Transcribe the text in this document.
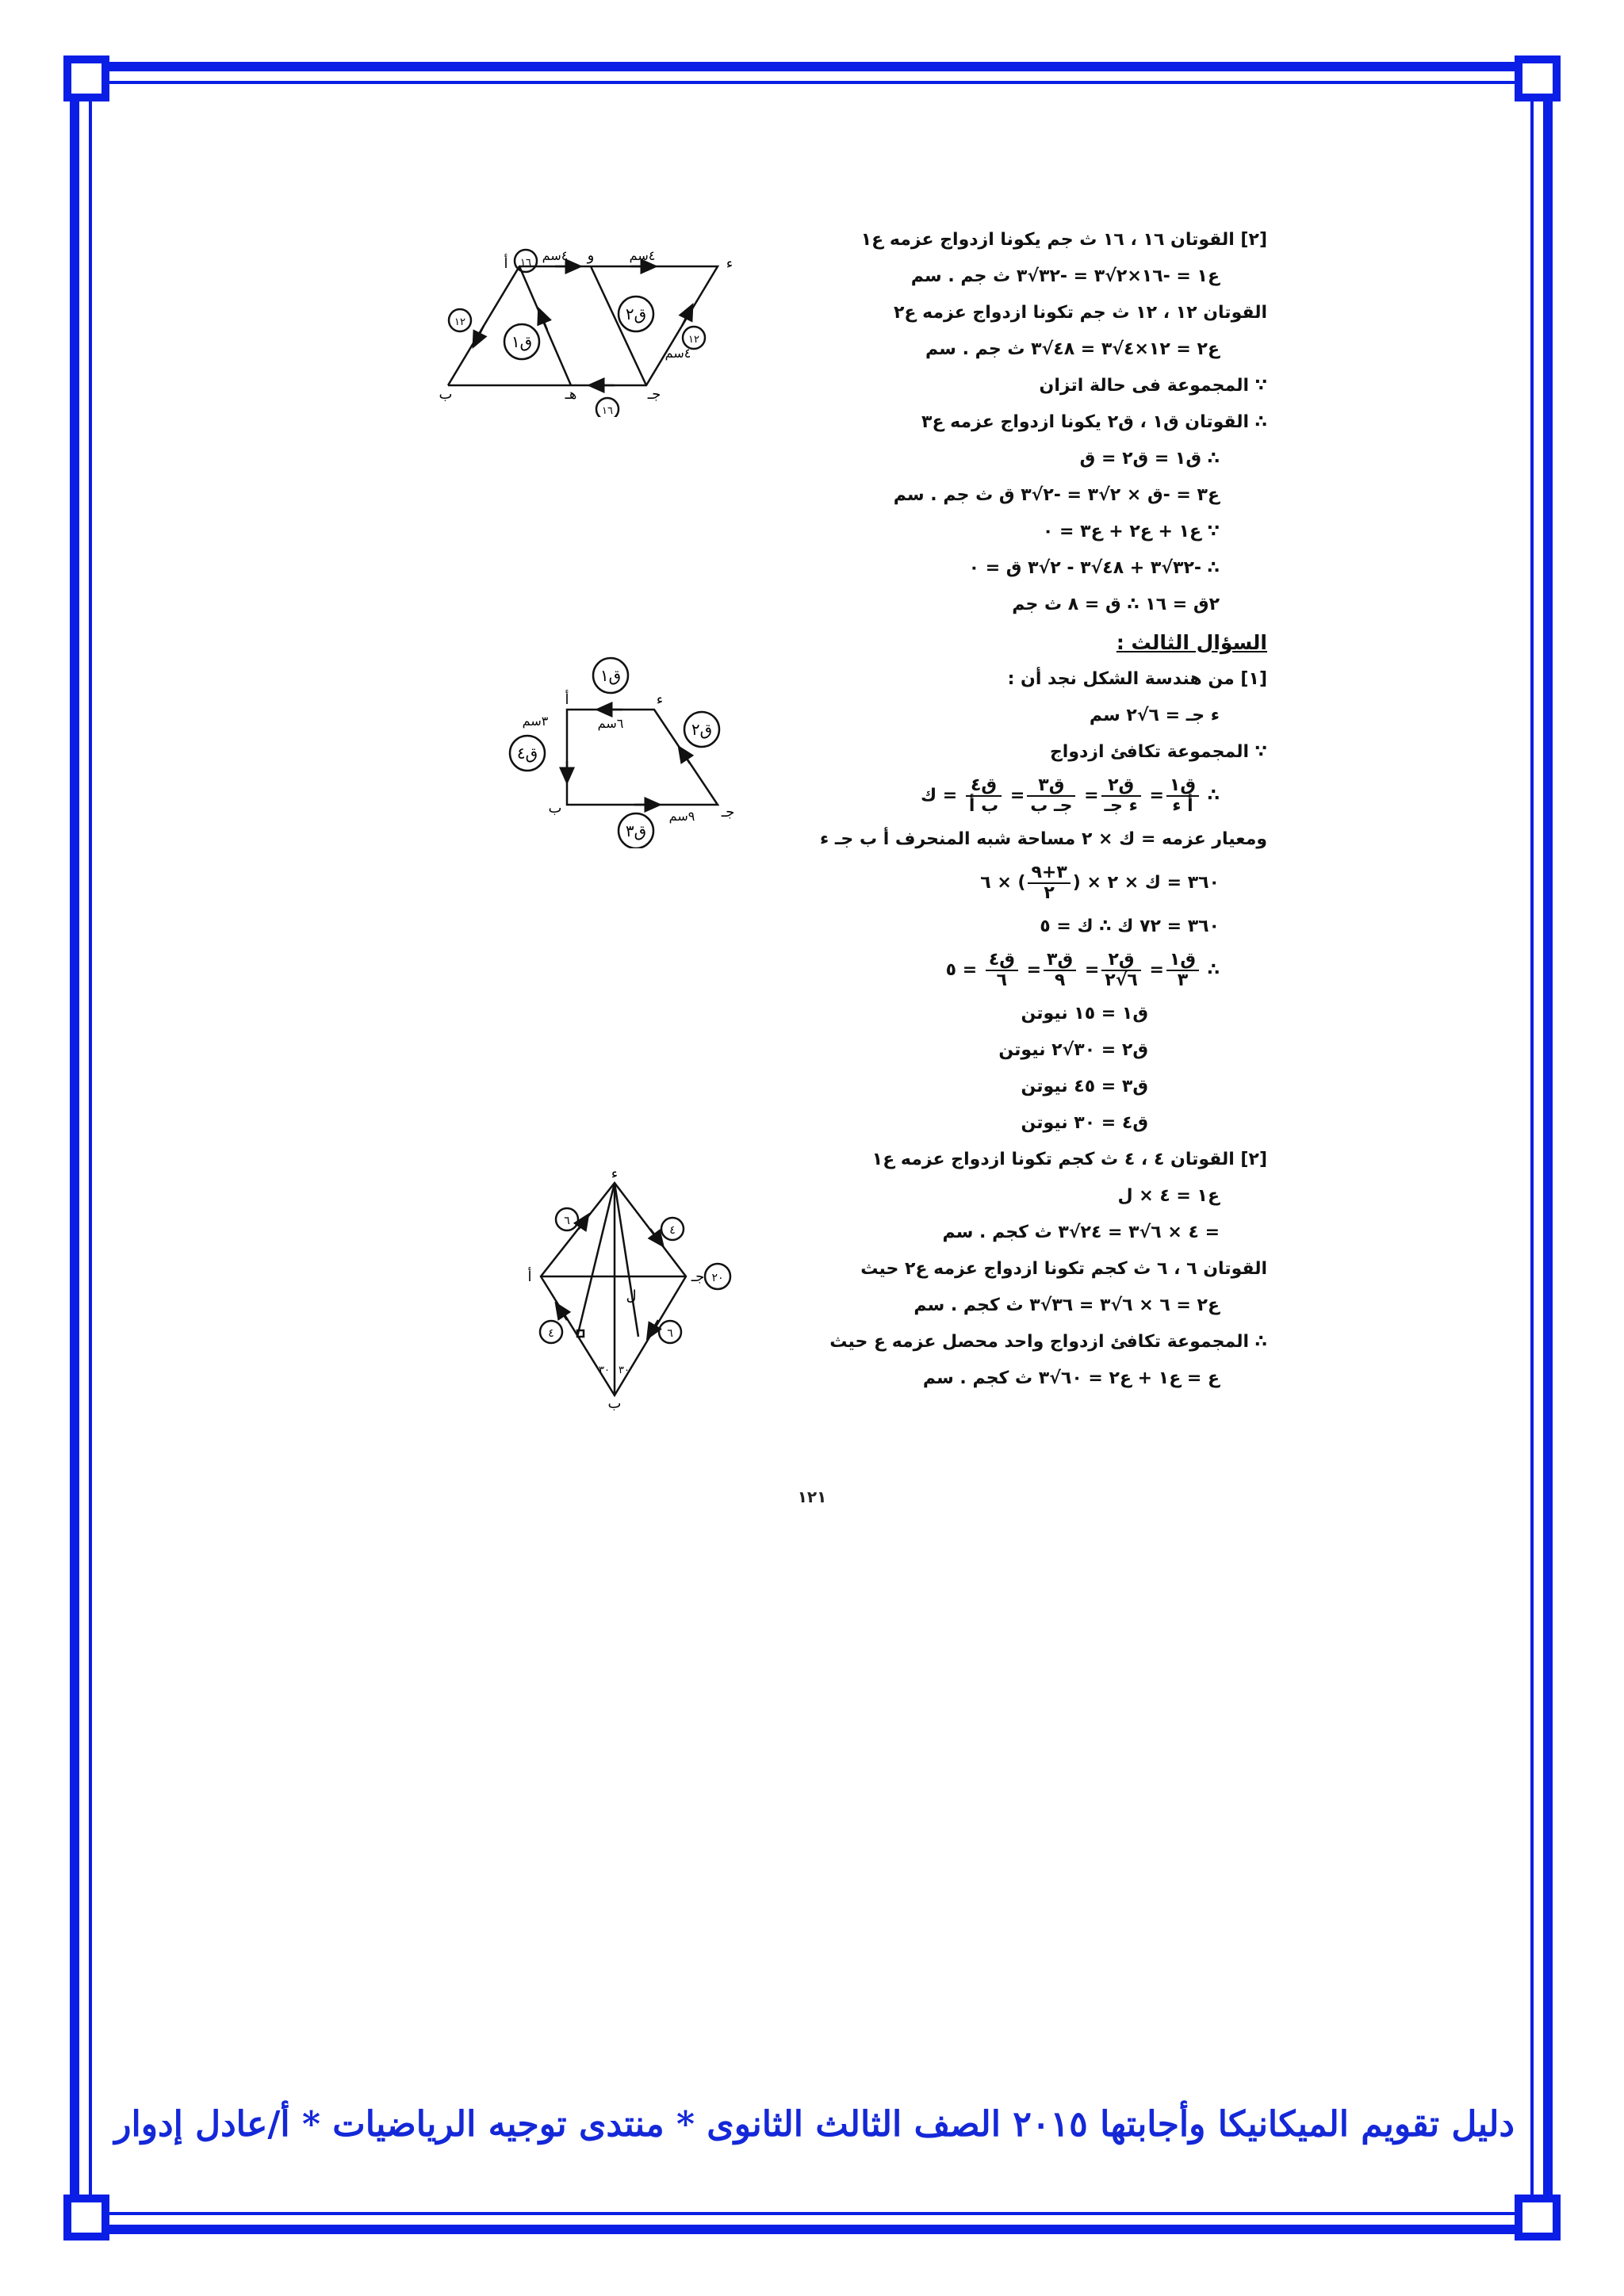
[٢] القوتان ١٦ ، ١٦ ث جم يكونا ازدواج عزمه ع١
ع١ = -١٦×٢√٣ = -٣٢√٣ ث جم . سم
القوتان ١٢ ، ١٢ ث جم تكونا ازدواج عزمه ع٢
ع٢ = ١٢×٤√٣ = ٤٨√٣ ث جم . سم
∵ المجموعة فى حالة اتزان
∴ القوتان ق١ ، ق٢ يكونا ازدواج عزمه ع٣
∴ ق١ = ق٢ = ق
ع٣ = -ق × ٢√٣ = -٢√٣ ق ث جم . سم
∵ ع١ + ع٢ + ع٣ = ٠
∴ -٣٢√٣ + ٤٨√٣ - ٢√٣ ق = ٠
٢ق = ١٦ ∴ ق = ٨ ث جم
السؤال الثالث :
[١] من هندسة الشكل نجد أن :
ء جـ = ٦√٢ سم
∵ المجموعة تكافئ ازدواج
∴
$\frac{\text{ق١}}{\text{أ ء}}$
=
$\frac{\text{ق٢}}{\text{ء جـ}}$
=
$\frac{\text{ق٣}}{\text{جـ ب}}$
=
$\frac{\text{ق٤}}{\text{ب أ}}$
= ك
ومعيار عزمه = ك × ٢ مساحة شبه المنحرف أ ب جـ ء
٣٦٠ = ك × ٢ × (
$\frac{٣+٩}{٢}$
) × ٦
٣٦٠ = ٧٢ ك ∴ ك = ٥
∴
$\frac{\text{ق١}}{٣}$
=
$\frac{\text{ق٢}}{٦√٢}$
=
$\frac{\text{ق٣}}{٩}$
=
$\frac{\text{ق٤}}{٦}$
= ٥
ق١ = ١٥ نيوتن
ق٢ = ٣٠√٢ نيوتن
ق٣ = ٤٥ نيوتن
ق٤ = ٣٠ نيوتن
[٢] القوتان ٤ ، ٤ ث كجم تكونا ازدواج عزمه ع١
ع١ = ٤ × ل
= ٤ × ٦√٣ = ٢٤√٣ ث كجم . سم
القوتان ٦ ، ٦ ث كجم تكونا ازدواج عزمه ع٢ حيث
ع٢ = ٦ × ٦√٣ = ٣٦√٣ ث كجم . سم
∴ المجموعة تكافئ ازدواج واحد محصل عزمه ع حيث
ع = ع١ + ع٢ = ٦٠√٣ ث كجم . سم
ق١
ق٢
١٦
١٦
١٢
١٢
٤سم	٤سم
٤سم
أ
ب	جـ
ء
هـ
و
ق١
ق٢
ق٣
ق٤
أ
ب	جـ
ء
٣سم	٦سم
٩سم
٦
٤
٦
٤
٢٠
أ
ب
جـ
ء
ل
٣٠ ٣٠
١٢١
دليل تقويم الميكانيكا وأجابتها ٢٠١٥ الصف الثالث الثانوى * منتدى توجيه الرياضيات * أ/عادل إدوار
